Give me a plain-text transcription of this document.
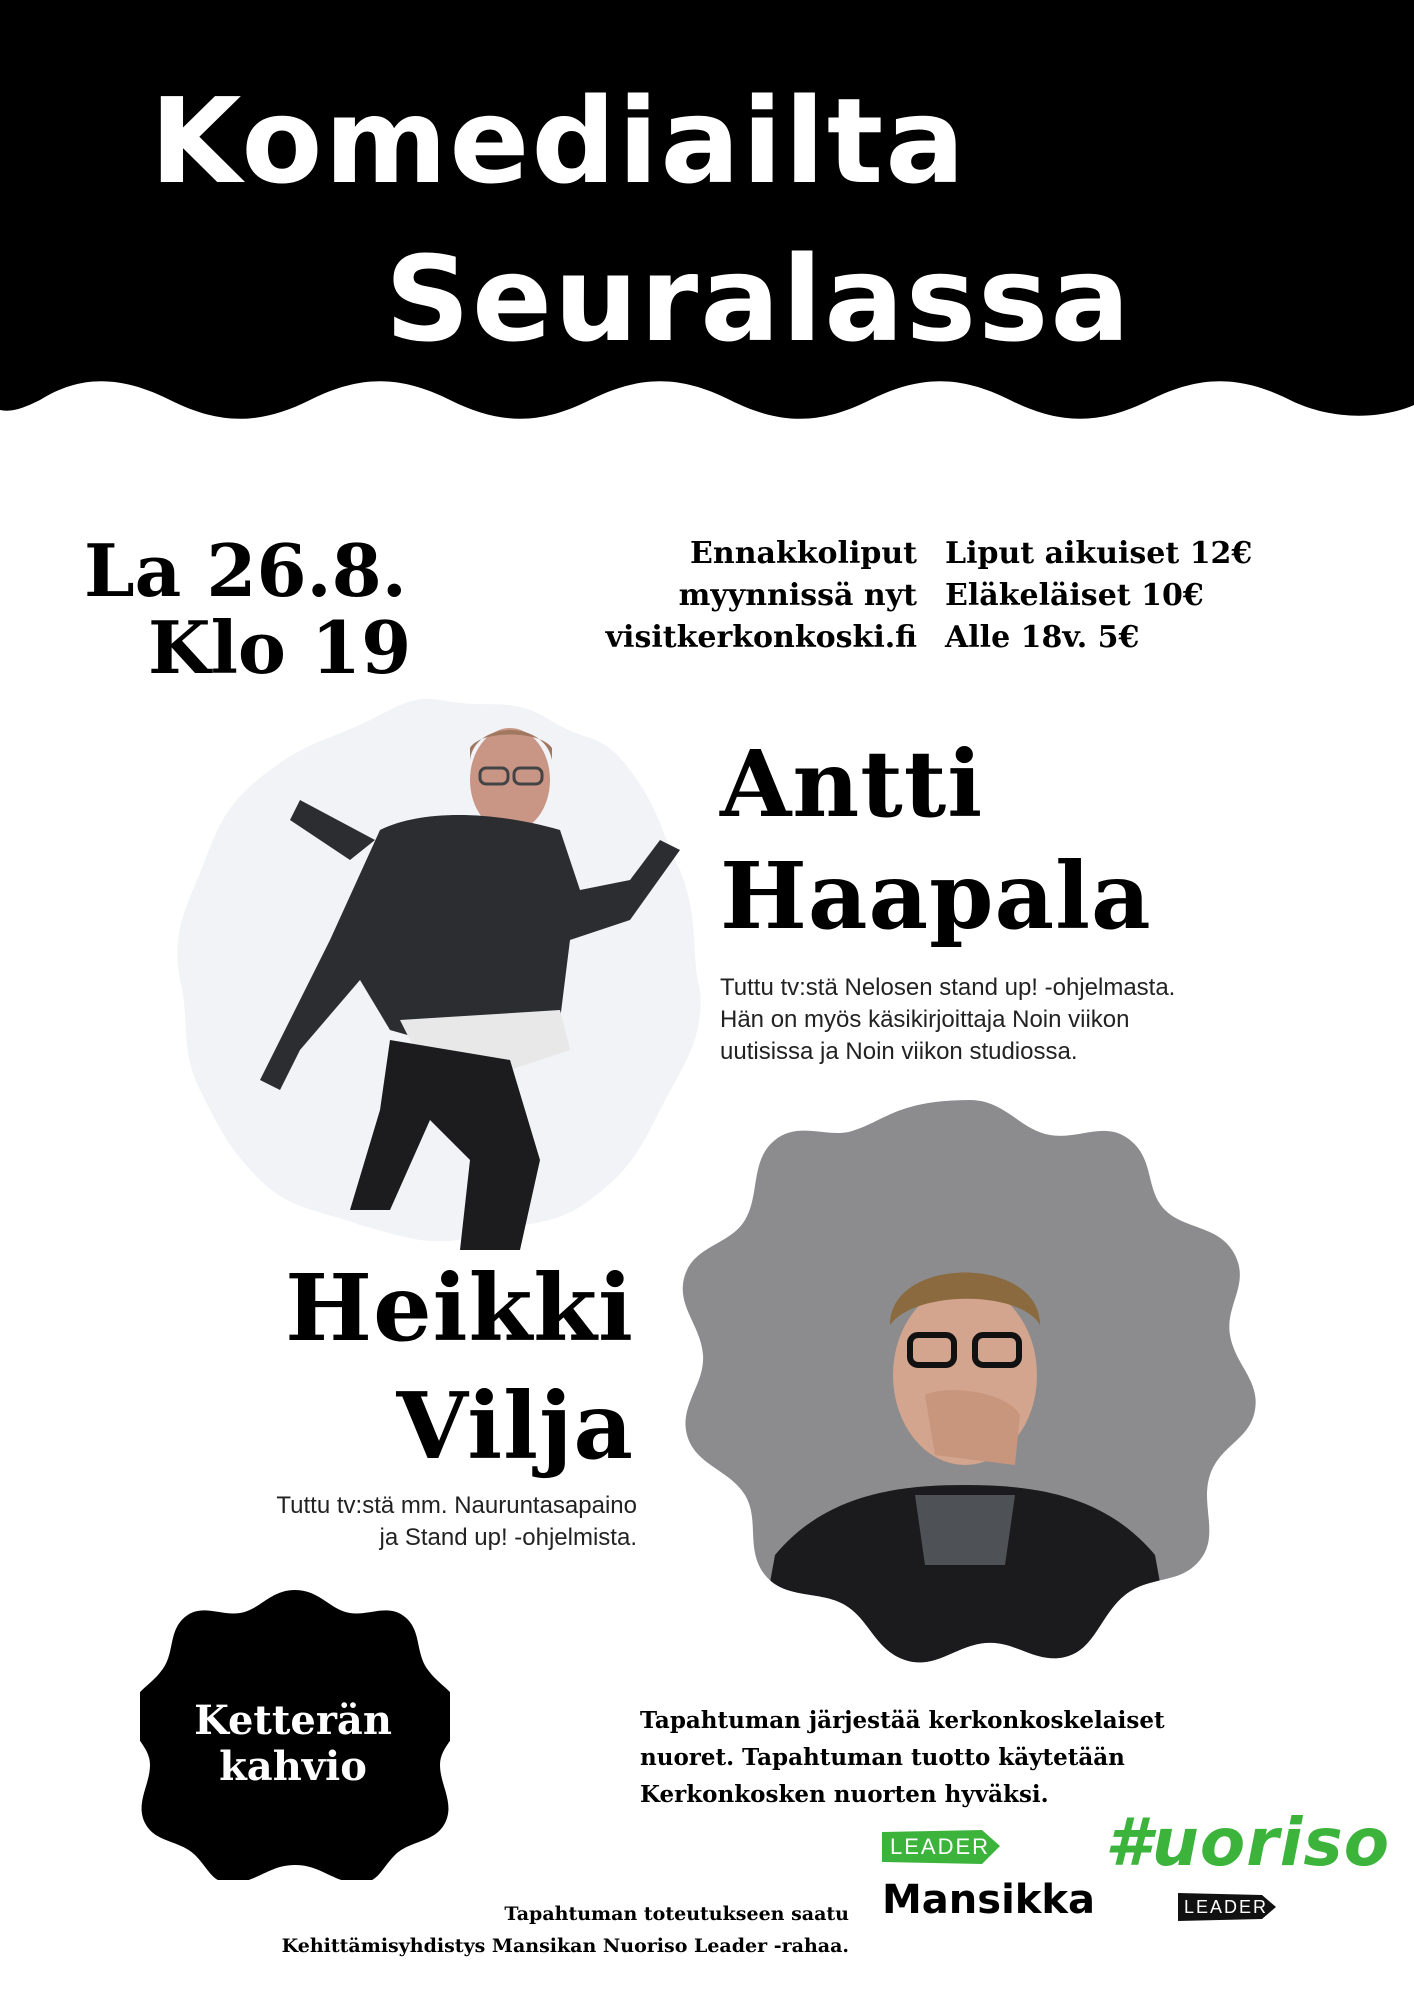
Komediailta
Seuralassa
La 26.8.
Klo 19
Ennakkoliput
myynnissä nyt
visitkerkonkoski.fi
Liput aikuiset 12€
Eläkeläiset 10€
Alle 18v. 5€
Antti
Haapala
Tuttu tv:stä Nelosen stand up! -ohjelmasta.
Hän on myös käsikirjoittaja Noin viikon
uutisissa ja Noin viikon studiossa.
Heikki
Vilja
Tuttu tv:stä mm. Nauruntasapaino
ja Stand up! -ohjelmista.
Ketterän
kahvio
Tapahtuman järjestää kerkonkoskelaiset
nuoret. Tapahtuman tuotto käytetään
Kerkonkosken nuorten hyväksi.
Tapahtuman toteutukseen saatu
Kehittämisyhdistys Mansikan Nuoriso Leader -rahaa.
LEADER
Mansikka
#uoriso
LEADER
